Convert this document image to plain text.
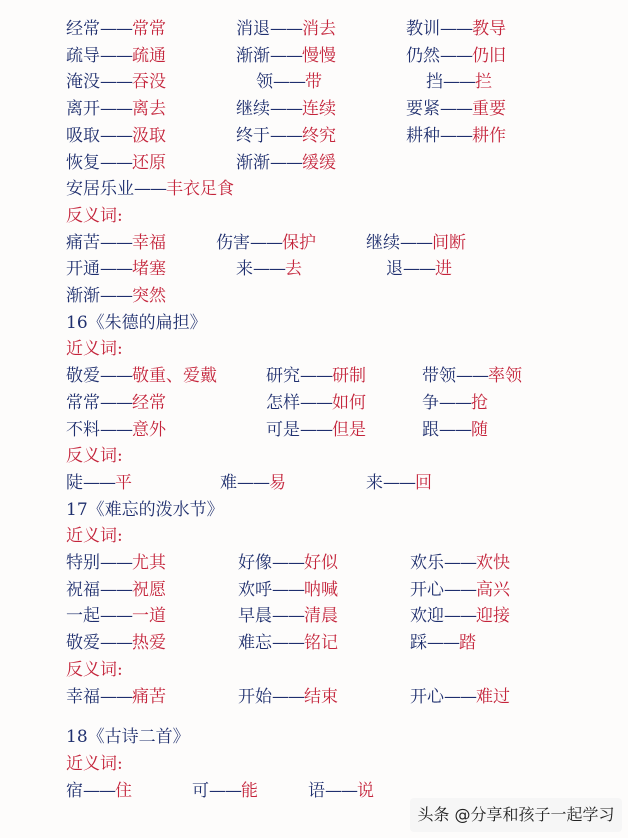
经常——常常	消退——消去	教训——教导
疏导——疏通	渐渐——慢慢	仍然——仍旧
淹没——吞没	领——带	挡——拦
离开——离去	继续——连续	要紧——重要
吸取——汲取	终于——终究	耕种——耕作
恢复——还原	渐渐——缓缓
安居乐业——丰衣足食
反义词:
痛苦——幸福	伤害——保护	继续——间断
开通——堵塞	来——去	退——进
渐渐——突然
16《朱德的扁担》
近义词:
敬爱——敬重、爱戴	研究——研制	带领——率领
常常——经常	怎样——如何	争——抢
不料——意外	可是——但是	跟——随
反义词:
陡——平	难——易	来——回
17《难忘的泼水节》
近义词:
特别——尤其	好像——好似	欢乐——欢快
祝福——祝愿	欢呼——呐喊	开心——高兴
一起——一道	早晨——清晨	欢迎——迎接
敬爱——热爱	难忘——铭记	踩——踏
反义词:
幸福——痛苦	开始——结束	开心——难过
18《古诗二首》
近义词:
宿——住	可——能	语——说
头条 @分享和孩子一起学习
